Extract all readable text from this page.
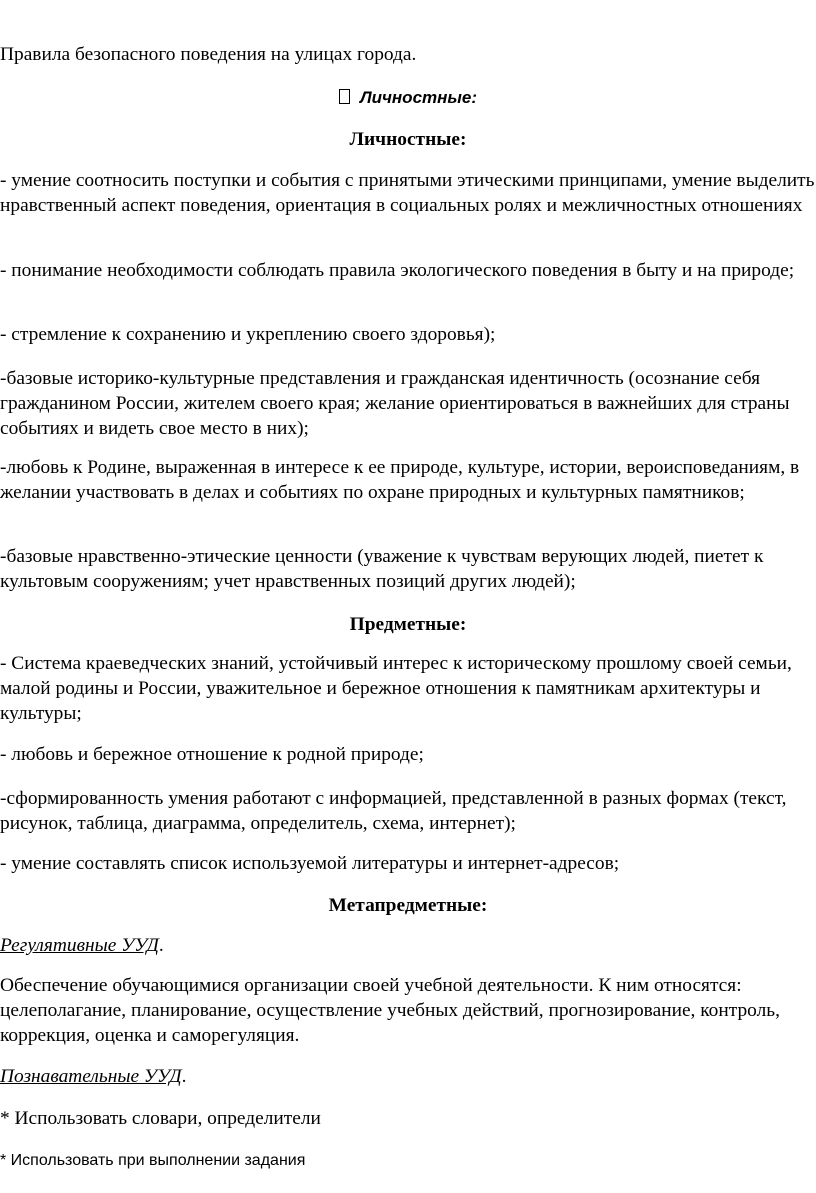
Правила безопасного поведения на улицах города.
Личностные:
Личностные:
- умение соотносить поступки и события с принятыми этическими принципами, умение выделить нравственный аспект поведения, ориентация в социальных ролях и межличностных отношениях
- понимание необходимости соблюдать правила экологического поведения в быту и на природе;
- стремление к сохранению и укреплению своего здоровья);
-базовые историко-культурные представления и гражданская идентичность (осознание себя гражданином России, жителем своего края; желание ориентироваться в важнейших для страны событиях и видеть свое место в них);
-любовь к Родине, выраженная в интересе к ее природе, культуре, истории, вероисповеданиям, в желании участвовать в делах и событиях по охране природных и культурных памятников;
-базовые нравственно-этические ценности (уважение к чувствам верующих людей, пиетет к культовым сооружениям; учет нравственных позиций других людей);
Предметные:
- Система краеведческих знаний, устойчивый интерес к историческому прошлому своей семьи, малой родины и России, уважительное и бережное отношения к памятникам архитектуры и культуры;
- любовь и бережное отношение к родной природе;
-сформированность умения работают с информацией, представленной в разных формах (текст, рисунок, таблица, диаграмма, определитель, схема, интернет);
- умение составлять список используемой литературы и интернет-адресов;
Метапредметные:
Регулятивные УУД.
Обеспечение обучающимися организации своей учебной деятельности. К ним относятся: целеполагание, планирование, осуществление учебных действий, прогнозирование, контроль, коррекция, оценка и саморегуляция.
Познавательные УУД.
* Использовать словари, определители
* Использовать при выполнении задания
